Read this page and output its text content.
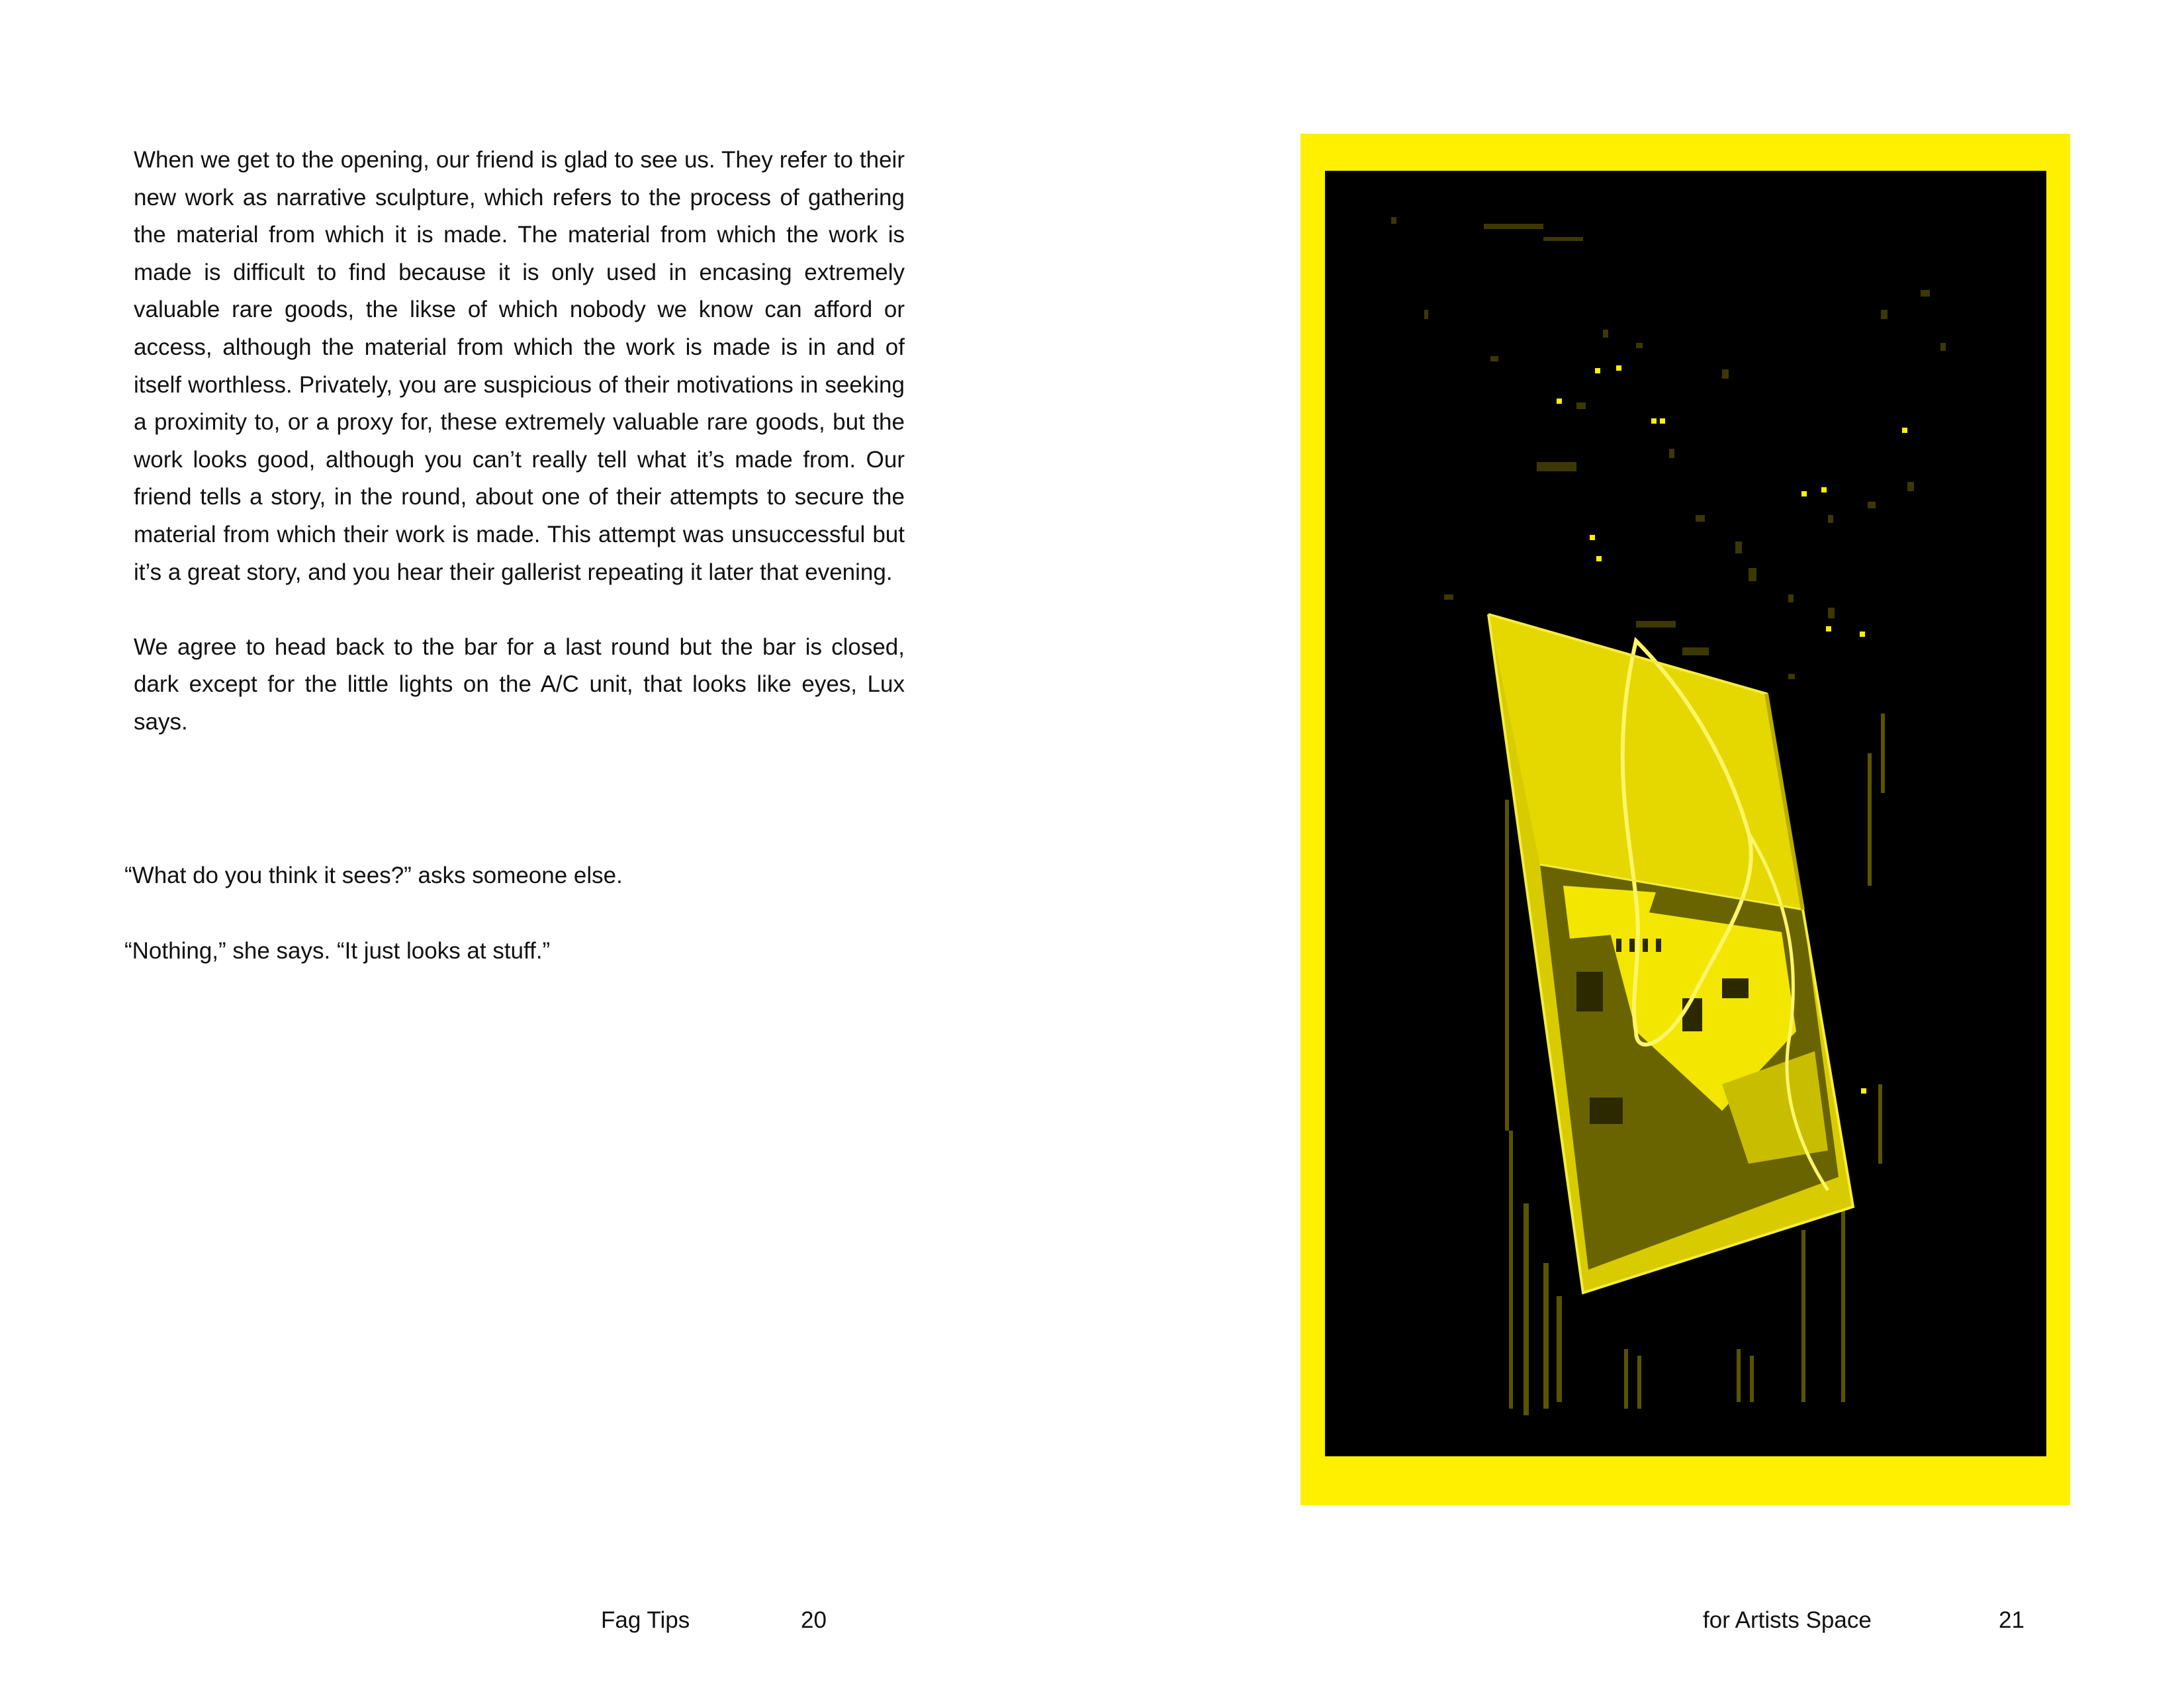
When we get to the opening, our friend is glad to see us. They refer to their new work as narrative sculpture, which refers to the process of gathering the material from which it is made. The material from which the work is made is difficult to find because it is only used in encasing extremely valuable rare goods, the likse of which nobody we know can afford or access, although the material from which the work is made is in and of itself worthless. Privately, you are suspicious of their motivations in seeking a proximity to, or a proxy for, these extremely valuable rare goods, but the work looks good, although you can’t really tell what it’s made from. Our friend tells a story, in the round, about one of their attempts to secure the material from which their work is made. This attempt was unsuccessful but it’s a great story, and you hear their gallerist repeating it later that evening.

We agree to head back to the bar for a last round but the bar is closed, dark except for the little lights on the A/C unit, that looks like eyes, Lux says.

“What do you think it sees?” asks someone else.

“Nothing,” she says. “It just looks at stuff.”

Fag Tips	20	for Artists Space	21
